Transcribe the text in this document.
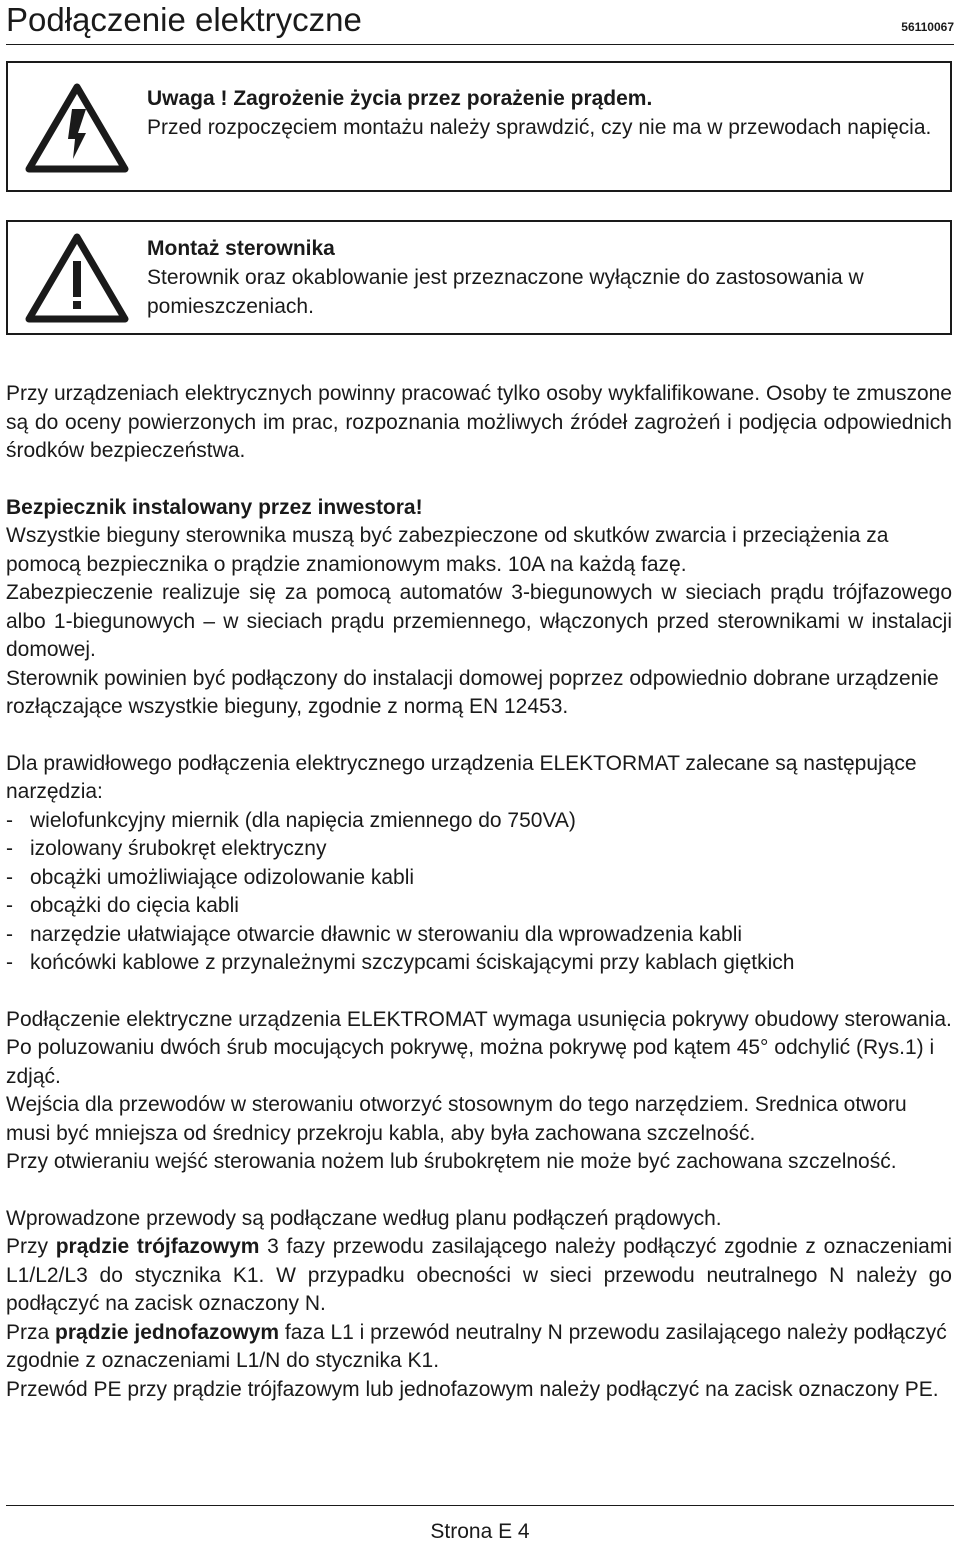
Podłączenie elektryczne	56110067
Uwaga ! Zagrożenie życia przez porażenie prądem.
Przed rozpoczęciem montażu należy sprawdzić, czy nie ma w przewodach napięcia.
Montaż sterownika
Sterownik oraz okablowanie jest przeznaczone wyłącznie do zastosowania w pomieszczeniach.

Przy urządzeniach elektrycznych powinny pracować tylko osoby wykfalifikowane. Osoby te zmuszone są do oceny powierzonych im prac, rozpoznania możliwych źródeł zagrożeń i podjęcia odpowiednich środków bezpieczeństwa.

Bezpiecznik instalowany przez inwestora!

Wszystkie bieguny sterownika muszą być zabezpieczone od skutków zwarcia i przeciążenia za pomocą bezpiecznika o prądzie znamionowym maks. 10A na każdą fazę.

Zabezpieczenie realizuje się za pomocą automatów 3-biegunowych w sieciach prądu trójfazowego albo 1-biegunowych – w sieciach prądu przemiennego, włączonych przed sterownikami w instalacji domowej.

Sterownik powinien być podłączony do instalacji domowej poprzez odpowiednio dobrane urządzenie rozłączające wszystkie bieguny, zgodnie z normą EN 12453.

Dla prawidłowego podłączenia elektrycznego urządzenia ELEKTORMAT zalecane są następujące narzędzia:

- wielofunkcyjny miernik (dla napięcia zmiennego do 750VA)
- izolowany śrubokręt elektryczny
- obcążki umożliwiające odizolowanie kabli
- obcążki do cięcia kabli
- narzędzie ułatwiające otwarcie dławnic w sterowaniu dla wprowadzenia kabli
- końcówki kablowe z przynależnymi szczypcami ściskającymi przy kablach giętkich

Podłączenie elektryczne urządzenia ELEKTROMAT wymaga usunięcia pokrywy obudowy sterowania. Po poluzowaniu dwóch śrub mocujących pokrywę, można pokrywę pod kątem 45° odchylić (Rys.1) i zdjąć.

Wejścia dla przewodów w sterowaniu otworzyć stosownym do tego narzędziem. Srednica otworu musi być mniejsza od średnicy przekroju kabla, aby była zachowana szczelność.

Przy otwieraniu wejść sterowania nożem lub śrubokrętem nie może być zachowana szczelność.

Wprowadzone przewody są podłączane według planu podłączeń prądowych.

Przy prądzie trójfazowym 3 fazy przewodu zasilającego należy podłączyć zgodnie z oznaczeniami L1/L2/L3 do stycznika K1. W przypadku obecności w sieci przewodu neutralnego N należy go podłączyć na zacisk oznaczony N.

Prza prądzie jednofazowym faza L1 i przewód neutralny N przewodu zasilającego należy podłączyć zgodnie z oznaczeniami L1/N do stycznika K1.

Przewód PE przy prądzie trójfazowym lub jednofazowym należy podłączyć na zacisk oznaczony PE.

Strona E 4
